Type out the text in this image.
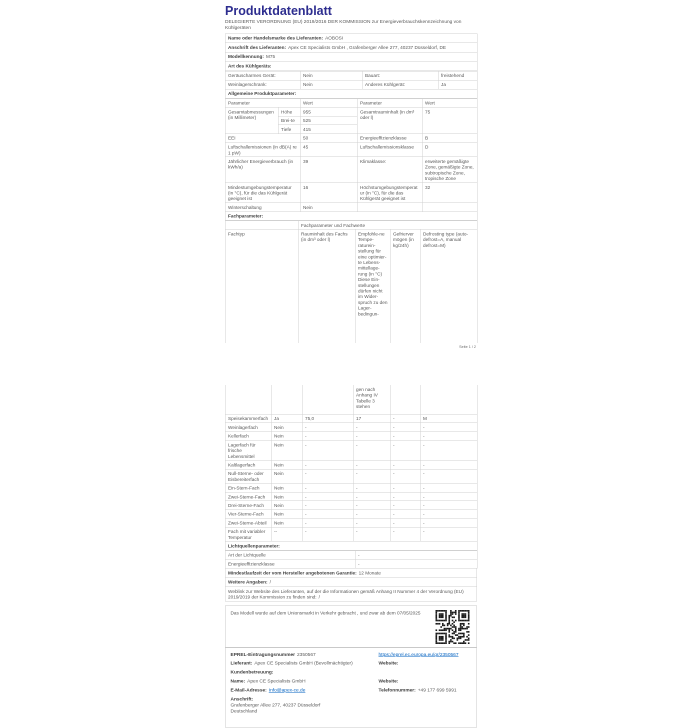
Produktdatenblatt

DELEGIERTE VERORDNUNG (EU) 2019/2016 DER KOMMISSION zur Energieverbrauchskennzeichnung von Kühlgeräten

Name oder Handelsmarke des Lieferanten: AOBOSI
Anschrift des Lieferanten: Apex CE Specialists GmbH , Grafenberger Allee 277, 40237 Düsseldorf, DE
Modellkennung: M75
Art des Kühlgeräts:
Geräuscharmes Gerät:	Nein	Bauart:	freistehend
Weinlagerschrank:	Nein	Anderes Kühlgerät:	Ja
Allgemeine Produktparameter:			
Parameter		Wert	Parameter	Wert
Gesamtabmessungen (in Millimeter)	Höhe	955	Gesamtrauminhalt (in dm³ oder l)	75
	Brei-te	525		
	Tiefe	415		
EEI		50	Energieeffizienzklasse	B
Luftschallemissionen (in dB(A) re 1 pW)		45	Luftschallemissionsklasse	D
Jährlicher Energieverbrauch (in kWh/a)		39	Klimaklasse:	erweiterte gemäßigte Zone, gemäßigte Zone, subtropische Zone, tropische Zone
Mindestumgebungstemperatur (in °C), für die das Kühlgerät geeignet ist		16	Höchstumgebungstemperatur (in °C), für die das Kühlgerät geeignet ist	32
Winterschaltung		Nein		
Fachparameter:				
	Fachparameter und Fachwerte			
Fachtyp	Rauminhalt des Fachs (in dm³ oder l)	Empfohle-ne Tempe-raturein-stellung für eine optimier-te Lebens-mittellage-rung (in °C) Diese Ein-stellungen dürfen nicht im Wider-spruch zu den Lager-bedingun-	Gefriervermögen (in kg/24h)	Defrosting type (auto-defrost=A, manual defrost=M)
Seite 1 / 2
			gen nach Anhang IV Tabelle 3 stehen		
Speisekammerfach	Ja	75,0	17	-	M
Weinlagerfach	Nein	-	-	-	-
Kellerfach	Nein	-	-	-	-
Lagerfach für frische Lebensmittel	Nein	-	-	-	-
Kaltlagerfach	Nein	-	-	-	-
Null-Sterne- oder Eisbereiterfach	Nein	-	-	-	-
Ein-Stern-Fach	Nein	-	-	-	-
Zwei-Sterne-Fach	Nein	-	-	-	-
Drei-Sterne-Fach	Nein	-	-	-	-
Vier-Sterne-Fach	Nein	-	-	-	-
Zwei-Sterne-Abteil	Nein	-	-	-	-
Fach mit variabler Temperatur	--	-	-	-	-
Lichtquellenparameter:					
Art der Lichtquelle	-
Energieeffizienzklasse	-
Mindestlaufzeit der vom Hersteller angebotenen Garantie: 12 Monate
Weitere Angaben: /
Weblink zur Website des Lieferanten, auf der die Informationen gemäß Anhang II Nummer 4 der Verordnung (EU) 2019/2019 der Kommission zu finden sind: /
Das Modell wurde auf dem Unionsmarkt in Verkehr gebracht , und zwar ab dem 07/05/2025
EPREL-Eintragungsnummer 2350567	https://eprel.ec.europa.eu/qr/2350567
Lieferant: Apex CE Specialists GmbH (Bevollmächtigter)	Website:
Kundenbetreuung:
Name: Apex CE Specialists GmbH	Website:
E-Mail-Adresse: Info@apex-ce.de	Telefonnummer: +49 177 699 5991
Anschrift:
Grafenberger Allee 277, 40237 Düsseldorf
Deutschland
